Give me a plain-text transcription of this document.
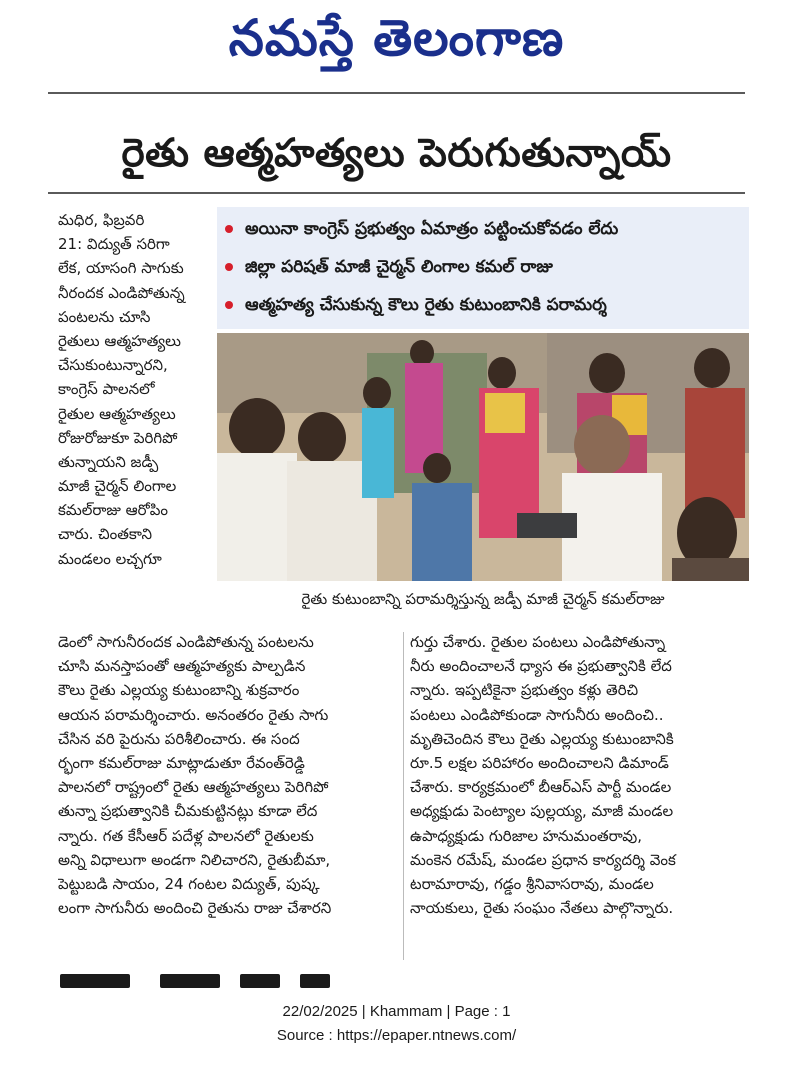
నమస్తే తెలంగాణ
రైతు ఆత్మహత్యలు పెరుగుతున్నాయ్
అయినా కాంగ్రెస్ ప్రభుత్వం ఏమాత్రం పట్టించుకోవడం లేదు
జిల్లా పరిషత్ మాజీ చైర్మన్ లింగాల కమల్ రాజు
ఆత్మహత్య చేసుకున్న కౌలు రైతు కుటుంబానికి పరామర్శ
రైతు కుటుంబాన్ని పరామర్శిస్తున్న జడ్పీ మాజీ చైర్మన్ కమల్‌రాజు
మధిర, ఫిబ్రవరి
21: విద్యుత్ సరిగా
లేక, యాసంగి సాగుకు
నీరందక ఎండిపోతున్న
పంటలను చూసి
రైతులు ఆత్మహత్యలు
చేసుకుంటున్నారని,
కాంగ్రెస్ పాలనలో
రైతుల ఆత్మహత్యలు
రోజురోజుకూ పెరిగిపో
తున్నాయని జడ్పీ
మాజీ చైర్మన్ లింగాల
కమల్‌రాజు ఆరోపిం
చారు. చింతకాని
మండలం లచ్చగూ
డెంలో సాగునీరందక ఎండిపోతున్న పంటలను
చూసి మనస్తాపంతో ఆత్మహత్యకు పాల్పడిన
కౌలు రైతు ఎల్లయ్య కుటుంబాన్ని శుక్రవారం
ఆయన పరామర్శించారు. అనంతరం రైతు సాగు
చేసిన వరి పైరును పరిశీలించారు. ఈ సంద
ర్భంగా కమల్‌రాజు మాట్లాడుతూ రేవంత్‌రెడ్డి
పాలనలో రాష్ట్రంలో రైతు ఆత్మహత్యలు పెరిగిపో
తున్నా ప్రభుత్వానికి చీమకుట్టినట్లు కూడా లేద
న్నారు. గత కేసీఆర్ పదేళ్ల పాలనలో రైతులకు
అన్ని విధాలుగా అండగా నిలిచారని, రైతుబీమా,
పెట్టుబడి సాయం, 24 గంటల విద్యుత్, పుష్క
లంగా సాగునీరు అందించి రైతును రాజు చేశారని
గుర్తు చేశారు. రైతుల పంటలు ఎండిపోతున్నా
నీరు అందించాలనే ధ్యాస ఈ ప్రభుత్వానికి లేద
న్నారు. ఇప్పటికైనా ప్రభుత్వం కళ్లు తెరిచి
పంటలు ఎండిపోకుండా సాగునీరు అందించి..
మృతిచెందిన కౌలు రైతు ఎల్లయ్య కుటుంబానికి
రూ.5 లక్షల పరిహారం అందించాలని డిమాండ్
చేశారు. కార్యక్రమంలో బీఆర్‌ఎస్ పార్టీ మండల
అధ్యక్షుడు పెంట్యాల పుల్లయ్య, మాజీ మండల
ఉపాధ్యక్షుడు గురిజాల హనుమంతరావు,
మంకెన రమేష్, మండల ప్రధాన కార్యదర్శి వెంక
టరామారావు, గడ్డం శ్రీనివాసరావు, మండల
నాయకులు, రైతు సంఘం నేతలు పాల్గొన్నారు.
22/02/2025 | Khammam | Page : 1
Source : https://epaper.ntnews.com/
